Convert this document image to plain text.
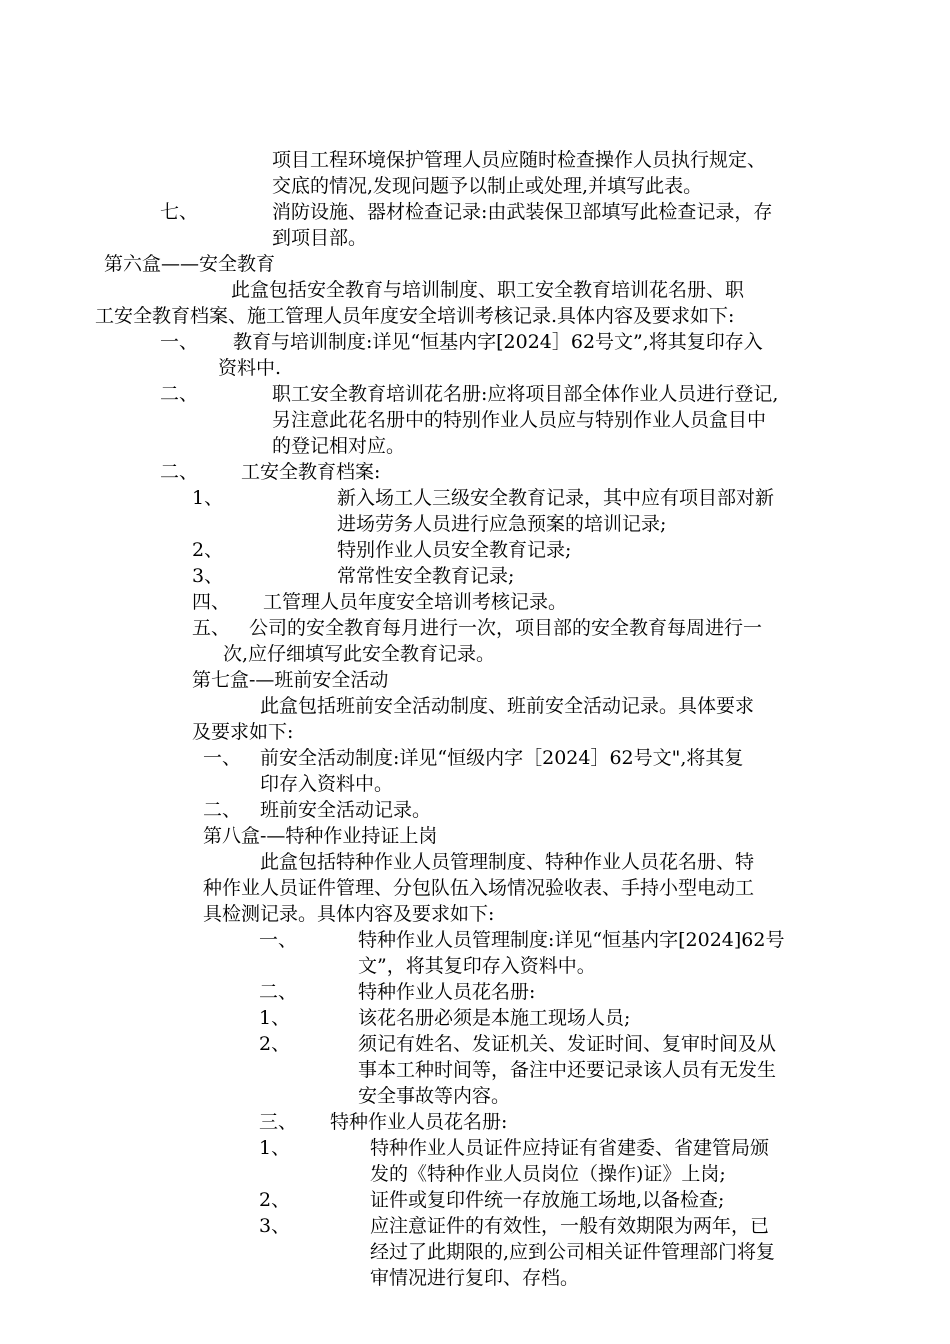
项目工程环境保护管理人员应随时检查操作人员执行规定、
交底的情况,发现问题予以制止或处理,并填写此表。
七、	消防设施、器材检查记录:由武装保卫部填写此检查记录，存
到项目部。
第六盒——安全教育
此盒包括安全教育与培训制度、职工安全教育培训花名册、职
工安全教育档案、施工管理人员年度安全培训考核记录.具体内容及要求如下:
一、 教育与培训制度:详见“恒基内字[2024］62号文”,将其复印存入
资料中.
二、	职工安全教育培训花名册:应将项目部全体作业人员进行登记,
另注意此花名册中的特别作业人员应与特别作业人员盒目中
的登记相对应。
二、 工安全教育档案:
1、	新入场工人三级安全教育记录，其中应有项目部对新
进场劳务人员进行应急预案的培训记录;
2、	特别作业人员安全教育记录;
3、	常常性安全教育记录;
四、 工管理人员年度安全培训考核记录。
五、 公司的安全教育每月进行一次，项目部的安全教育每周进行一
次,应仔细填写此安全教育记录。
第七盒-—班前安全活动
此盒包括班前安全活动制度、班前安全活动记录。具体要求
及要求如下:
一、 前安全活动制度:详见“恒级内字［2024］62号文",将其复
印存入资料中。
二、 班前安全活动记录。
第八盒-—特种作业持证上岗
此盒包括特种作业人员管理制度、特种作业人员花名册、特
种作业人员证件管理、分包队伍入场情况验收表、手持小型电动工
具检测记录。具体内容及要求如下:
一、	特种作业人员管理制度:详见“恒基内字[2024]62号
文”，将其复印存入资料中。
二、	特种作业人员花名册:
1、	该花名册必须是本施工现场人员;
2、	须记有姓名、发证机关、发证时间、复审时间及从
事本工种时间等，备注中还要记录该人员有无发生
安全事故等内容。
三、 特种作业人员花名册:
1、	特种作业人员证件应持证有省建委、省建管局颁
发的《特种作业人员岗位（操作)证》上岗;
2、	证件或复印件统一存放施工场地,以备检查;
3、	应注意证件的有效性，一般有效期限为两年，已
经过了此期限的,应到公司相关证件管理部门将复
审情况进行复印、存档。
